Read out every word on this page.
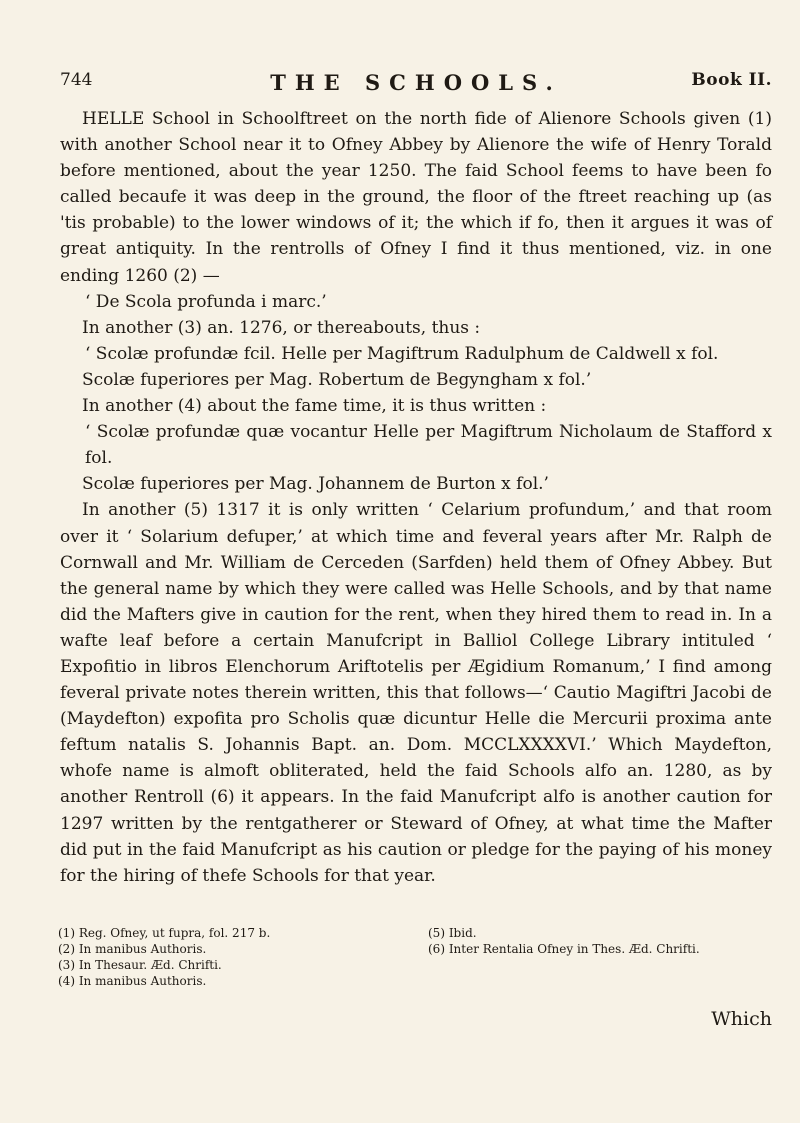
744	THE SCHOOLS.	Book II.

HELLE School in Schoolftreet on the north fide of Alienore Schools given (1) with another School near it to Ofney Abbey by Alienore the wife of Henry Torald before mentioned, about the year 1250. The faid School feems to have been fo called becaufe it was deep in the ground, the floor of the ftreet reaching up (as 'tis probable) to the lower windows of it; the which if fo, then it argues it was of great antiquity. In the rentrolls of Ofney I find it thus mentioned, viz. in one ending 1260 (2) —

‘ De Scola profunda i marc.’

In another (3) an. 1276, or thereabouts, thus :

‘ Scolæ profundæ fcil. Helle per Magiftrum Radulphum de Caldwell x fol.

Scolæ fuperiores per Mag. Robertum de Begyngham x fol.’

In another (4) about the fame time, it is thus written :

‘ Scolæ profundæ quæ vocantur Helle per Magiftrum Nicholaum de Stafford x fol.

Scolæ fuperiores per Mag. Johannem de Burton x fol.’

In another (5) 1317 it is only written ‘ Celarium profundum,’ and that room over it ‘ Solarium defuper,’ at which time and feveral years after Mr. Ralph de Cornwall and Mr. William de Cerceden (Sarfden) held them of Ofney Abbey. But the general name by which they were called was Helle Schools, and by that name did the Mafters give in caution for the rent, when they hired them to read in. In a wafte leaf before a certain Manufcript in Balliol College Library intituled ‘ Expofitio in libros Elenchorum Ariftotelis per Ægidium Romanum,’ I find among feveral private notes therein written, this that follows—‘ Cautio Magiftri Jacobi de (Maydefton) expofita pro Scholis quæ dicuntur Helle die Mercurii proxima ante feftum natalis S. Johannis Bapt. an. Dom. MCCLXXXXVI.’ Which Maydefton, whofe name is almoft obliterated, held the faid Schools alfo an. 1280, as by another Rentroll (6) it appears. In the faid Manufcript alfo is another caution for 1297 written by the rentgatherer or Steward of Ofney, at what time the Mafter did put in the faid Manufcript as his caution or pledge for the paying of his money for the hiring of thefe Schools for that year.

(1) Reg. Ofney, ut fupra, fol. 217 b.
(2) In manibus Authoris.
(3) In Thesaur. Æd. Chrifti.
(4) In manibus Authoris.
(5) Ibid.
(6) Inter Rentalia Ofney in Thes. Æd. Chrifti.
Which
